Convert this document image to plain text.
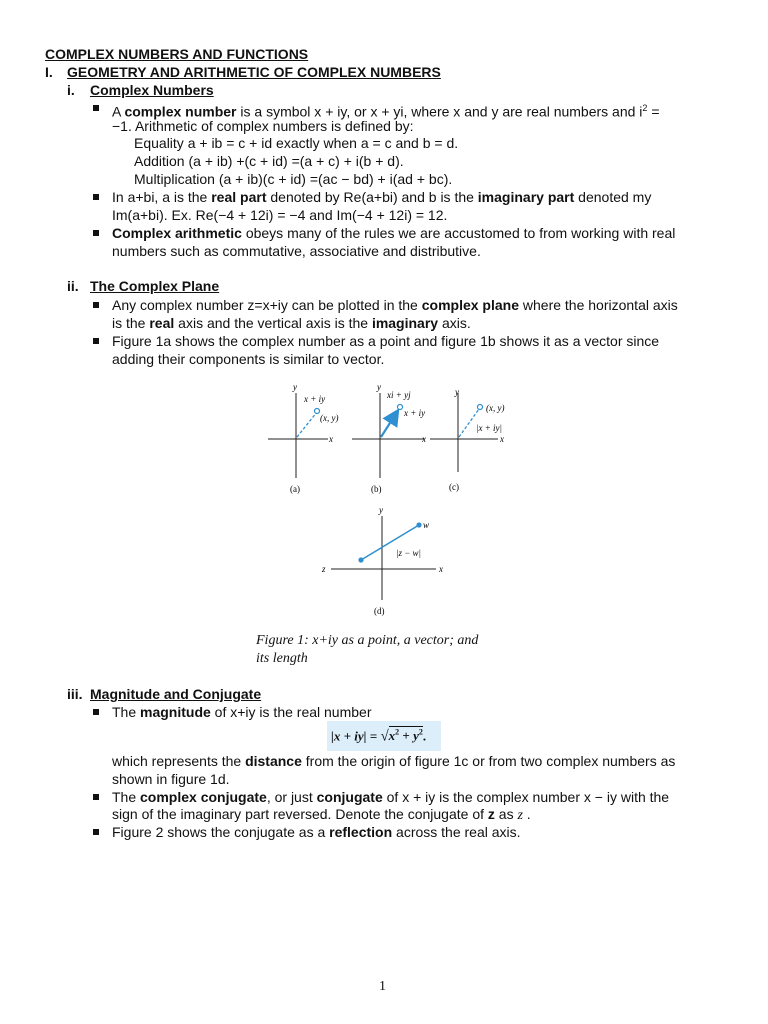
COMPLEX NUMBERS AND FUNCTIONS
I. GEOMETRY AND ARITHMETIC OF COMPLEX NUMBERS
i. Complex Numbers
A complex number is a symbol x + iy, or x + yi, where x and y are real numbers and $i^2$ =
−1. Arithmetic of complex numbers is defined by:
Equality a + ib = c + id exactly when a = c and b = d.
Addition (a + ib) +(c + id) =(a + c) + i(b + d).
Multiplication (a + ib)(c + id) =(ac − bd) + i(ad + bc).
In a+bi, a is the real part denoted by Re(a+bi) and b is the imaginary part denoted my
Im(a+bi). Ex. Re(−4 + 12i) = −4 and Im(−4 + 12i) = 12.
Complex arithmetic obeys many of the rules we are accustomed to from working with real
numbers such as commutative, associative and distributive.
ii. The Complex Plane
Any complex number z=x+iy can be plotted in the complex plane where the horizontal axis
is the real axis and the vertical axis is the imaginary axis.
Figure 1a shows the complex number as a point and figure 1b shows it as a vector since
adding their components is similar to vector.
y
x + iy
(x, y)
x
(a)
y
xi + yj
x + iy
x
(b)
y
(x, y)
|x + iy|
x
(c)
y
w
z
|z − w|
x
(d)
Figure 1: x+iy as a point, a vector; and
its length
iii. Magnitude and Conjugate
The magnitude of x+iy is the real number
$|x + iy| = √x^2 + y^2$.
which represents the distance from the origin of figure 1c or from two complex numbers as
shown in figure 1d.
The complex conjugate, or just conjugate of x + iy is the complex number x − iy with the
sign of the imaginary part reversed. Denote the conjugate of z as z .
Figure 2 shows the conjugate as a reflection across the real axis.
1
